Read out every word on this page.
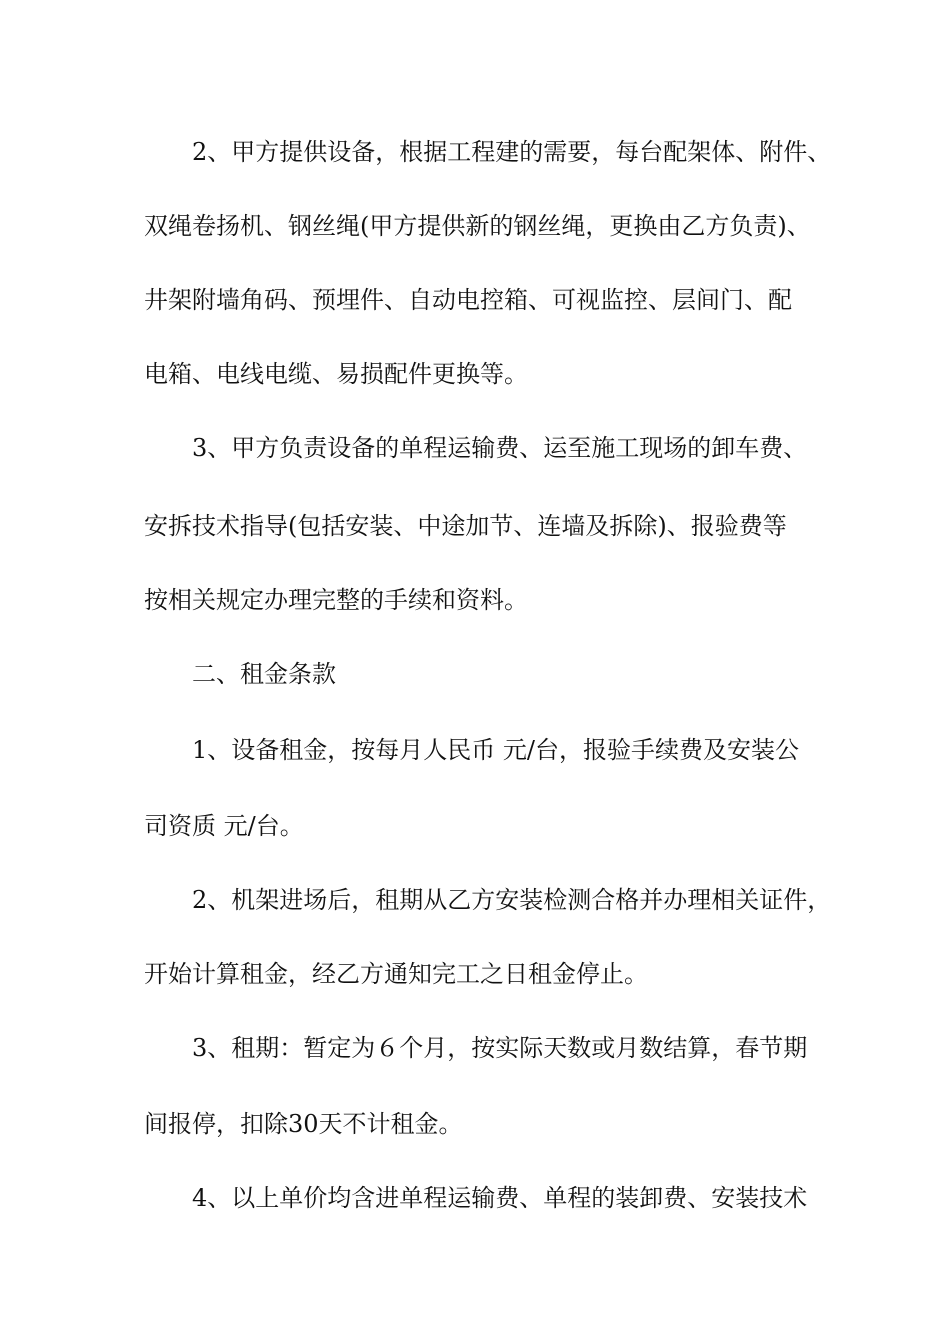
2、甲方提供设备，根据工程建的需要，每台配架体、附件、
双绳卷扬机、钢丝绳(甲方提供新的钢丝绳，更换由乙方负责)、
井架附墙角码、预埋件、自动电控箱、可视监控、层间门、配
电箱、电线电缆、易损配件更换等。
3、甲方负责设备的单程运输费、运至施工现场的卸车费、
安拆技术指导(包括安装、中途加节、连墙及拆除)、报验费等
按相关规定办理完整的手续和资料。
二、租金条款
1、设备租金，按每月人民币 元/台，报验手续费及安装公
司资质 元/台。
2、机架进场后，租期从乙方安装检测合格并办理相关证件，
开始计算租金，经乙方通知完工之日租金停止。
3、租期：暂定为６个月，按实际天数或月数结算，春节期
间报停，扣除30天不计租金。
4、以上单价均含进单程运输费、单程的装卸费、安装技术
